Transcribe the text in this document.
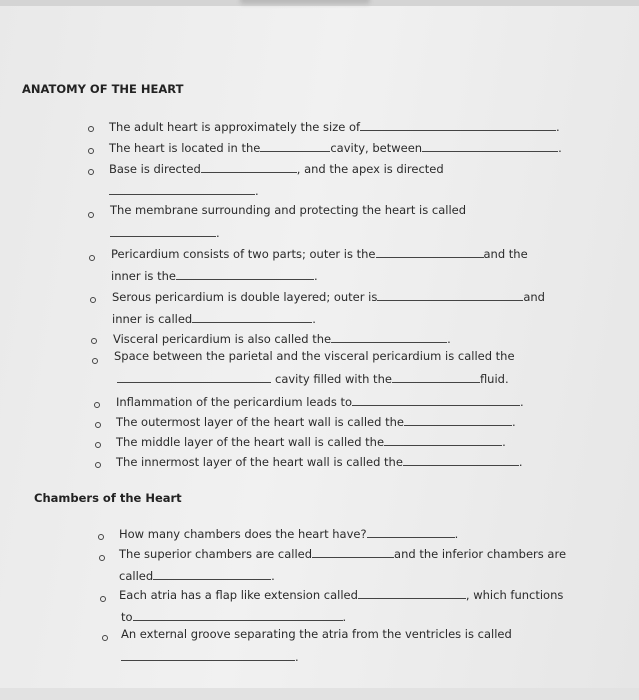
ANATOMY OF THE HEART
The adult heart is approximately the size of	.
The heart is located in the	cavity, between	.
Base is directed	, and the apex is directed
.
The membrane surrounding and protecting the heart is called
.
Pericardium consists of two parts; outer is the	and the
inner is the	.
Serous pericardium is double layered; outer is	and
inner is called	.
Visceral pericardium is also called the	.
Space between the parietal and the visceral pericardium is called the
cavity filled with the	fluid.
Inflammation of the pericardium leads to	.
The outermost layer of the heart wall is called the	.
The middle layer of the heart wall is called the	.
The innermost layer of the heart wall is called the	.
Chambers of the Heart
How many chambers does the heart have?	.
The superior chambers are called	and the inferior chambers are
called	.
Each atria has a flap like extension called	, which functions
to	.
An external groove separating the atria from the ventricles is called
.
